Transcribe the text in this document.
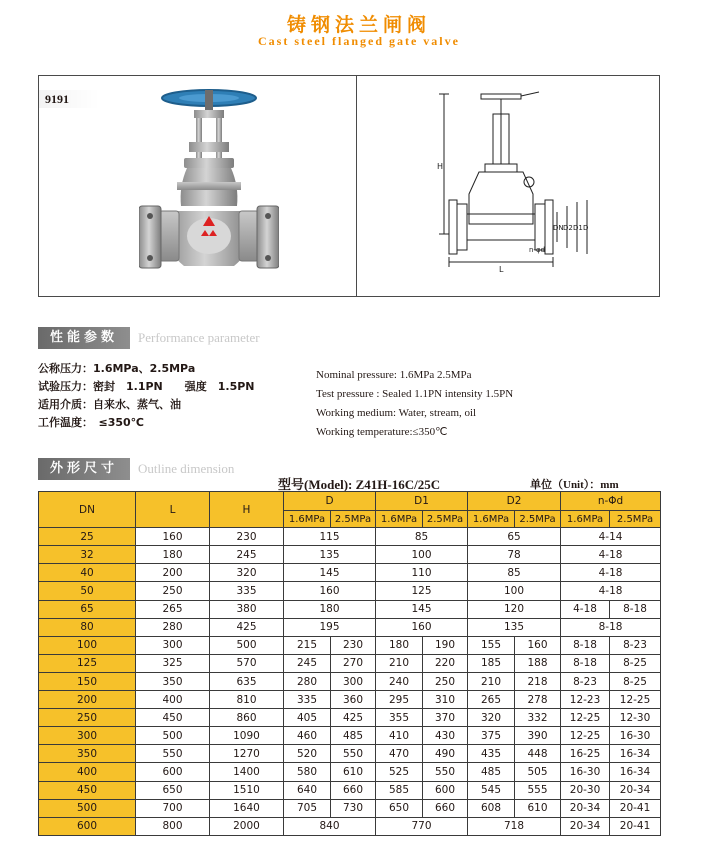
铸钢法兰闸阀
Cast steel flanged gate valve
9191
H
L
DN D2 D1 D
n-φd
性能参数	Performance parameter
公称压力：1.6MPa、2.5MPa
试验压力：密封　1.1PN　　强度　1.5PN
适用介质：自来水、蒸气、油
工作温度：　≤350℃
Nominal pressure: 1.6MPa 2.5MPa
Test pressure : Sealed 1.1PN intensity 1.5PN
Working medium: Water, stream, oil
Working temperature:≤350℃
外形尺寸	Outline dimension
型号(Model): Z41H-16C/25C	单位（Unit）：mm
DN	L	H	D		D1		D2		n-Φd	
			1.6MPa	2.5MPa	1.6MPa	2.5MPa	1.6MPa	2.5MPa	1.6MPa	2.5MPa
25	160	230	115		85		65		4-14	
32	180	245	135		100		78		4-18	
40	200	320	145		110		85		4-18	
50	250	335	160		125		100		4-18	
65	265	380	180		145		120		4-18	8-18
80	280	425	195		160		135		8-18	
100	300	500	215	230	180	190	155	160	8-18	8-23
125	325	570	245	270	210	220	185	188	8-18	8-25
150	350	635	280	300	240	250	210	218	8-23	8-25
200	400	810	335	360	295	310	265	278	12-23	12-25
250	450	860	405	425	355	370	320	332	12-25	12-30
300	500	1090	460	485	410	430	375	390	12-25	16-30
350	550	1270	520	550	470	490	435	448	16-25	16-34
400	600	1400	580	610	525	550	485	505	16-30	16-34
450	650	1510	640	660	585	600	545	555	20-30	20-34
500	700	1640	705	730	650	660	608	610	20-34	20-41
600	800	2000	840		770		718		20-34	20-41
